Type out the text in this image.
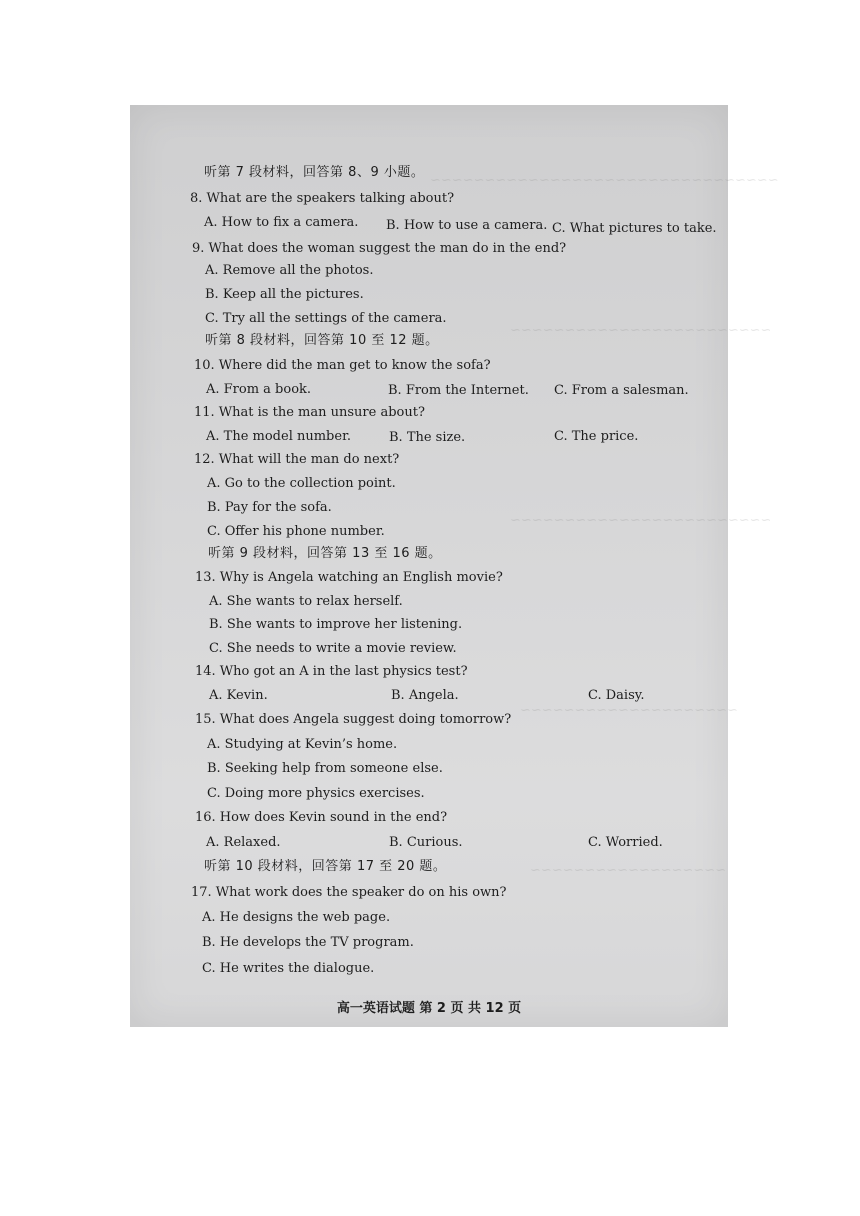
~~~~~~~~~~~~~~~~~~~~~~~~~~~~~~~~
~~~~~~~~~~~~~~~~~~~~~~~~
~~~~~~~~~~~~~~~~~~~~~~~~
~~~~~~~~~~~~~~~~~~~~
~~~~~~~~~~~~~~~~~~
听第 7 段材料，回答第 8、9 小题。
8. What are the speakers talking about?
A. How to fix a camera. B. How to use a camera. C. What pictures to take.
9. What does the woman suggest the man do in the end?
A. Remove all the photos.
B. Keep all the pictures.
C. Try all the settings of the camera.
听第 8 段材料，回答第 10 至 12 题。
10. Where did the man get to know the sofa?
A. From a book.	B. From the Internet. C. From a salesman.
11. What is the man unsure about?
A. The model number.	B. The size.	C. The price.
12. What will the man do next?
A. Go to the collection point.
B. Pay for the sofa.
C. Offer his phone number.
听第 9 段材料，回答第 13 至 16 题。
13. Why is Angela watching an English movie?
A. She wants to relax herself.
B. She wants to improve her listening.
C. She needs to write a movie review.
14. Who got an A in the last physics test?
A. Kevin.	B. Angela.	C. Daisy.
15. What does Angela suggest doing tomorrow?
A. Studying at Kevin’s home.
B. Seeking help from someone else.
C. Doing more physics exercises.
16. How does Kevin sound in the end?
A. Relaxed.	B. Curious.	C. Worried.
听第 10 段材料，回答第 17 至 20 题。
17. What work does the speaker do on his own?
A. He designs the web page.
B. He develops the TV program.
C. He writes the dialogue.
高一英语试题 第 2 页 共 12 页
